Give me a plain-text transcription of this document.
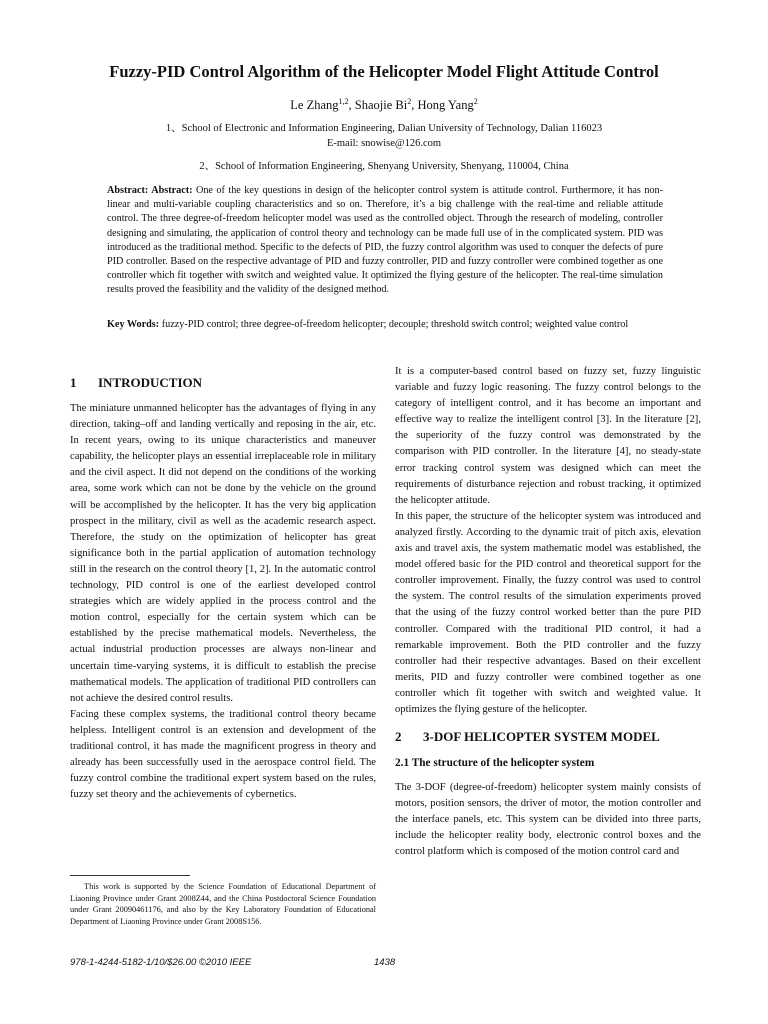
Fuzzy-PID Control Algorithm of the Helicopter Model Flight Attitude Control
Le Zhang$^{1,2}$, Shaojie Bi$^2$, Hong Yang$^2$
1、School of Electronic and Information Engineering, Dalian University of Technology, Dalian 116023
E-mail: snowise@126.com
2、School of Information Engineering, Shenyang University, Shenyang, 110004, China

Abstract: Abstract: One of the key questions in design of the helicopter control system is attitude control. Furthermore, it has non-linear and multi-variable coupling characteristics and so on. Therefore, it’s a big challenge with the real-time and reliable attitude control. The three degree-of-freedom helicopter model was used as the controlled object. Through the research of modeling, controller designing and simulating, the application of control theory and technology can be made full use of in the complicated system. PID was introduced as the traditional method. Specific to the defects of PID, the fuzzy control algorithm was used to conquer the defects of pure PID controller. Based on the respective advantage of PID and fuzzy controller, PID and fuzzy controller were combined together as one controller which fit together with switch and weighted value. It optimized the flying gesture of the helicopter. The real-time simulation results proved the feasibility and the validity of the designed method.

Key Words: fuzzy-PID control; three degree-of-freedom helicopter; decouple; threshold switch control; weighted value control

1	INTRODUCTION

The miniature unmanned helicopter has the advantages of flying in any direction, taking–off and landing vertically and reposing in the air, etc. In recent years, owing to its unique characteristics and maneuver capability, the helicopter plays an essential irreplaceable role in military and the civil aspect. It did not depend on the conditions of the working area, some work which can not be done by the vehicle on the ground will be accomplished by the helicopter. It has the very big application prospect in the military, civil as well as the academic research aspect. Therefore, the study on the optimization of helicopter has great significance both in the partial application of automation technology still in the research on the control theory [1, 2]. In the automatic control technology, PID control is one of the earliest developed control strategies which are widely applied in the process control and the motion control, especially for the certain system which can be established by the precise mathematical models. Nevertheless, the actual industrial production processes are always non-linear and uncertain time-varying systems, it is difficult to establish the precise mathematical models. The application of traditional PID controllers can not achieve the desired control results.

Facing these complex systems, the traditional control theory became helpless. Intelligent control is an extension and development of the traditional control, it has made the magnificent progress in theory and already has been successfully used in the aerospace control field. The fuzzy control combine the traditional expert system based on the rules, fuzzy set theory and the achievements of cybernetics.

It is a computer-based control based on fuzzy set, fuzzy linguistic variable and fuzzy logic reasoning. The fuzzy control belongs to the category of intelligent control, and it has become an important and effective way to realize the intelligent control [3]. In the literature [2], the superiority of the fuzzy control was demonstrated by the comparison with PID controller. In the literature [4], no steady-state error tracking control system was designed which can meet the requirements of disturbance rejection and robust tracking, it optimized the helicopter attitude.

In this paper, the structure of the helicopter system was introduced and analyzed firstly. According to the dynamic trait of pitch axis, elevation axis and travel axis, the system mathematic model was established, the model offered basic for the PID control and theoretical support for the controller improvement. Finally, the fuzzy control was used to control the system. The control results of the simulation experiments proved that the using of the fuzzy control worked better than the pure PID controller. Compared with the traditional PID control, it had a remarkable improvement. Both the PID controller and the fuzzy controller had their respective advantages. Based on their excellent merits, PID and fuzzy controller were combined together as one controller which fit together with switch and weighted value. It optimizes the flying gesture of the helicopter.

2	3-DOF HELICOPTER SYSTEM MODEL
2.1 The structure of the helicopter system

The 3-DOF (degree-of-freedom) helicopter system mainly consists of motors, position sensors, the driver of motor, the motion controller and the interface panels, etc. This system can be divided into three parts, include the helicopter reality body, electronic control boxes and the control platform which is composed of the motion control card and

This work is supported by the Science Foundation of Educational Department of Liaoning Province under Grant 2008Z44, and the China Postdoctoral Science Foundation under Grant 20090461176, and also by the Key Laboratory Foundation of Educational Department of Liaoning Province under Grant 2008S156.

978-1-4244-5182-1/10/$26.00 ©2010 IEEE	1438
